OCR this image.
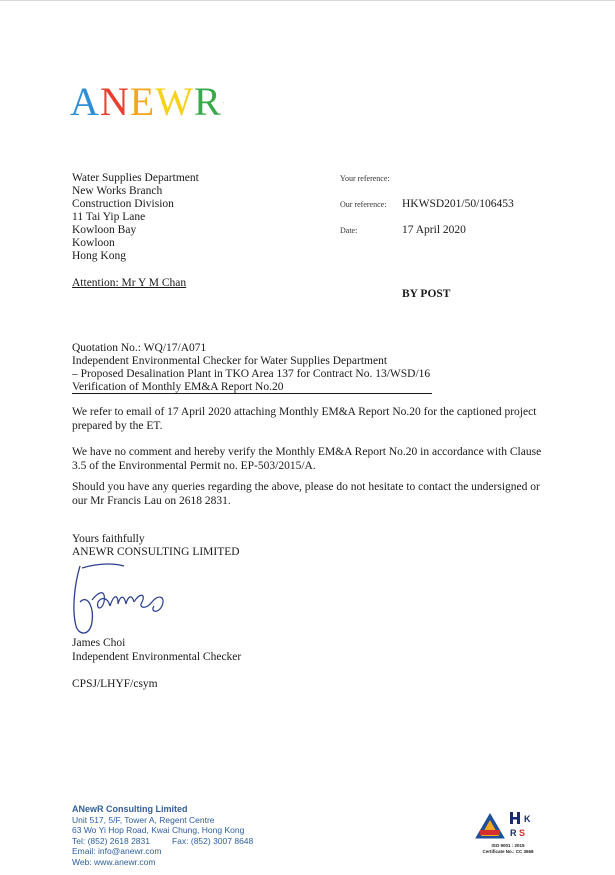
ANEWR.
Water Supplies Department
New Works Branch
Construction Division
11 Tai Yip Lane
Kowloon Bay
Kowloon
Hong Kong
Your reference:
Our reference: HKWSD201/50/106453
Date:	17 April 2020
Attention: Mr Y M Chan
BY POST
Quotation No.: WQ/17/A071
Independent Environmental Checker for Water Supplies Department
– Proposed Desalination Plant in TKO Area 137 for Contract No. 13/WSD/16
Verification of Monthly EM&A Report No.20
We refer to email of 17 April 2020 attaching Monthly EM&A Report No.20 for the captioned project prepared by the ET.
We have no comment and hereby verify the Monthly EM&A Report No.20 in accordance with Clause 3.5 of the Environmental Permit no. EP-503/2015/A.
Should you have any queries regarding the above, please do not hesitate to contact the undersigned or our Mr Francis Lau on 2618 2831.
Yours faithfully
ANEWR CONSULTING LIMITED
James Choi
Independent Environmental Checker
CPSJ/LHYF/csym
ANewR Consulting Limited
Unit 517, 5/F, Tower A, Regent Centre
63 Wo Yi Hop Road, Kwai Chung, Hong Kong
Tel: (852) 2618 2831	Fax: (852) 3007 8648
Email: info@anewr.com
Web: www.anewr.com
K
R S
ISO 9001 : 2015
Certificate No.: CC 3668
